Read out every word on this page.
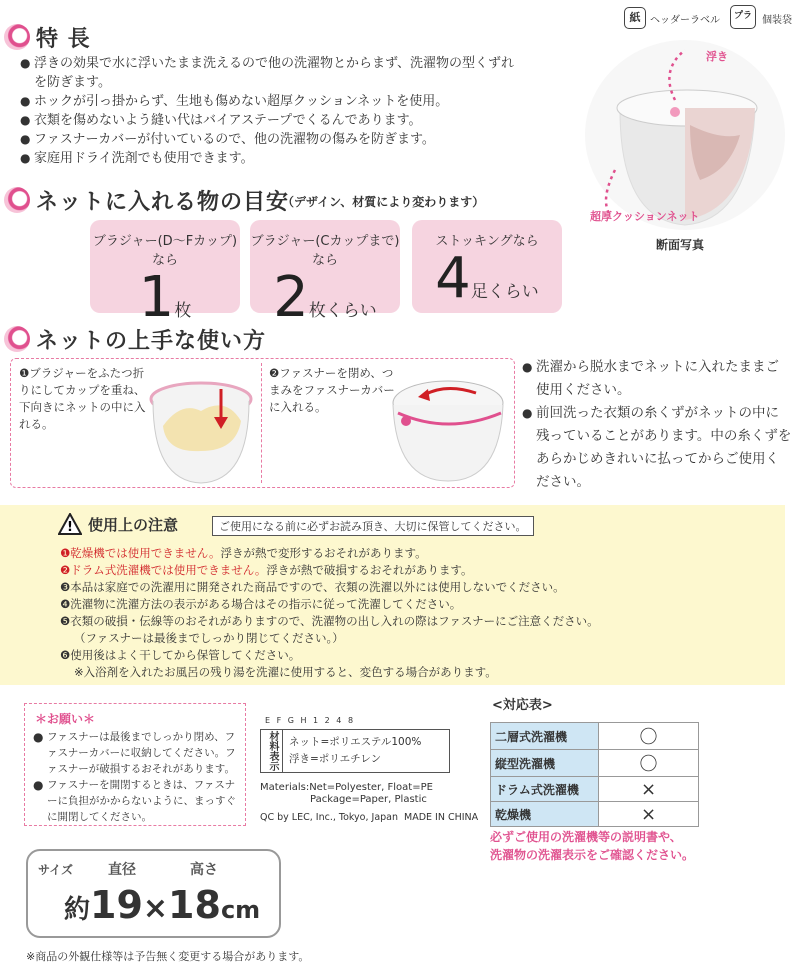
紙 ヘッダーラベル	プラ	個装袋
特 長
● 浮きの効果で水に浮いたまま洗えるので他の洗濯物とからまず、洗濯物の型くずれを防ぎます。
● ホックが引っ掛からず、生地も傷めない超厚クッションネットを使用。
● 衣類を傷めないよう縫い代はバイアステープでくるんであります。
● ファスナーカバーが付いているので、他の洗濯物の傷みを防ぎます。
● 家庭用ドライ洗剤でも使用できます。
浮き
超厚クッションネット
断面写真
ネットに入れる物の目安
（デザイン、材質により変わります）
ブラジャー(D～Fカップ)なら
1枚
ブラジャー(Cカップまで)なら
2枚くらい
ストッキングなら
4足くらい
ネットの上手な使い方
❶ブラジャーをふたつ折りにしてカップを重ね、下向きにネットの中に入れる。
❷ファスナーを閉め、つまみをファスナーカバーに入れる。
● 洗濯から脱水までネットに入れたままご使用ください。
● 前回洗った衣類の糸くずがネットの中に残っていることがあります。中の糸くずをあらかじめきれいに払ってからご使用ください。
! 使用上の注意	ご使用になる前に必ずお読み頂き、大切に保管してください。

❶乾燥機では使用できません。浮きが熱で変形するおそれがあります。

❷ドラム式洗濯機では使用できません。浮きが熱で破損するおそれがあります。

❸本品は家庭での洗濯用に開発された商品ですので、衣類の洗濯以外には使用しないでください。

❹洗濯物に洗濯方法の表示がある場合はその指示に従って洗濯してください。

❺衣類の破損・伝線等のおそれがありますので、洗濯物の出し入れの際はファスナーにご注意ください。

（ファスナーは最後までしっかり閉じてください。）

❻使用後はよく干してから保管してください。

※入浴剤を入れたお風呂の残り湯を洗濯に使用すると、変色する場合があります。

＊お願い＊
● ファスナーは最後までしっかり閉め、ファスナーカバーに収納してください。ファスナーが破損するおそれがあります。
● ファスナーを開閉するときは、ファスナーに負担がかからないように、まっすぐに開閉してください。
E F G H 1 2 4 8
材料表示	ネット=ポリエステル100%
浮き=ポリエチレン
Materials:Net=Polyester, Float=PE
Package=Paper, Plastic
QC by LEC, Inc., Tokyo, Japan MADE IN CHINA
<対応表>
二層式洗濯機	〇
縦型洗濯機	〇
ドラム式洗濯機	×
乾燥機	×
必ずご使用の洗濯機等の説明書や、
洗濯物の洗濯表示をご確認ください。
サイズ 直径	高さ
約19×18cm
※商品の外観仕様等は予告無く変更する場合があります。
